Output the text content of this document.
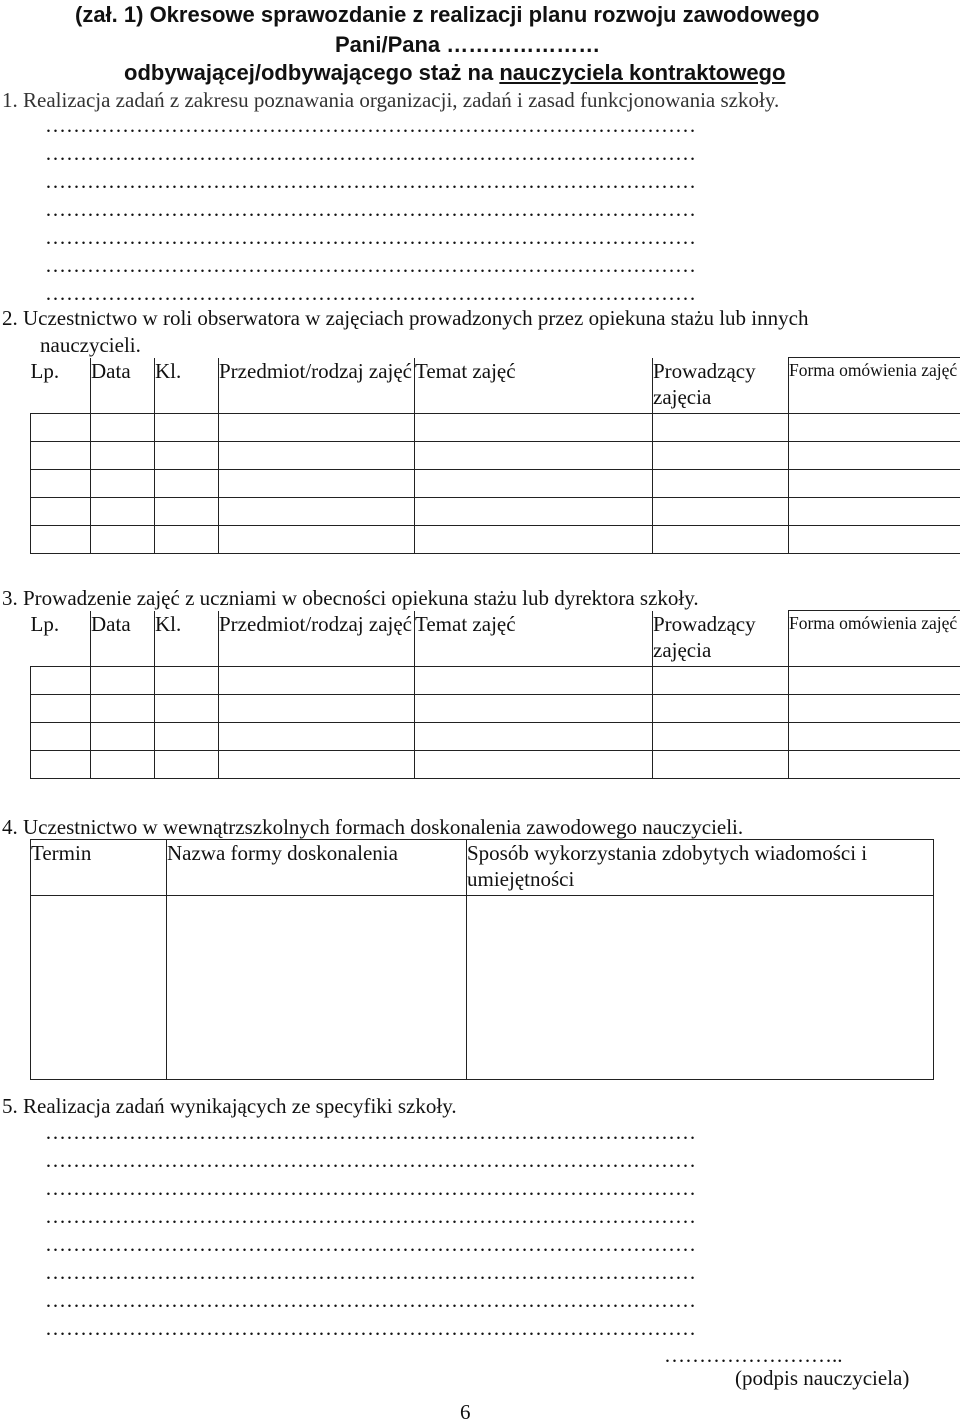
(zał. 1) Okresowe sprawozdanie z realizacji planu rozwoju zawodowego
Pani/Pana …………………
odbywającej/odbywającego staż na nauczyciela kontraktowego
1. Realizacja zadań z zakresu poznawania organizacji, zadań i zasad funkcjonowania szkoły.
…………………………………………………………………………………
…………………………………………………………………………………
…………………………………………………………………………………
…………………………………………………………………………………
…………………………………………………………………………………
…………………………………………………………………………………
…………………………………………………………………………………
2. Uczestnictwo w roli obserwatora w zajęciach prowadzonych przez opiekuna stażu lub innych
nauczycieli.
Lp.	Data	Kl.	Przedmiot/rodzaj zajęć	Temat zajęć	Prowadzący zajęcia	Forma omówienia zajęć

3. Prowadzenie zajęć z uczniami w obecności opiekuna stażu lub dyrektora szkoły.
Lp.	Data	Kl.	Przedmiot/rodzaj zajęć	Temat zajęć	Prowadzący zajęcia	Forma omówienia zajęć

4. Uczestnictwo w wewnątrzszkolnych formach doskonalenia zawodowego nauczycieli.
Termin	Nazwa formy doskonalenia	Sposób wykorzystania zdobytych wiadomości i umiejętności

5. Realizacja zadań wynikających ze specyfiki szkoły.
…………………………………………………………………………………
…………………………………………………………………………………
…………………………………………………………………………………
…………………………………………………………………………………
…………………………………………………………………………………
…………………………………………………………………………………
…………………………………………………………………………………
…………………………………………………………………………………
……………………..
(podpis nauczyciela)
6
